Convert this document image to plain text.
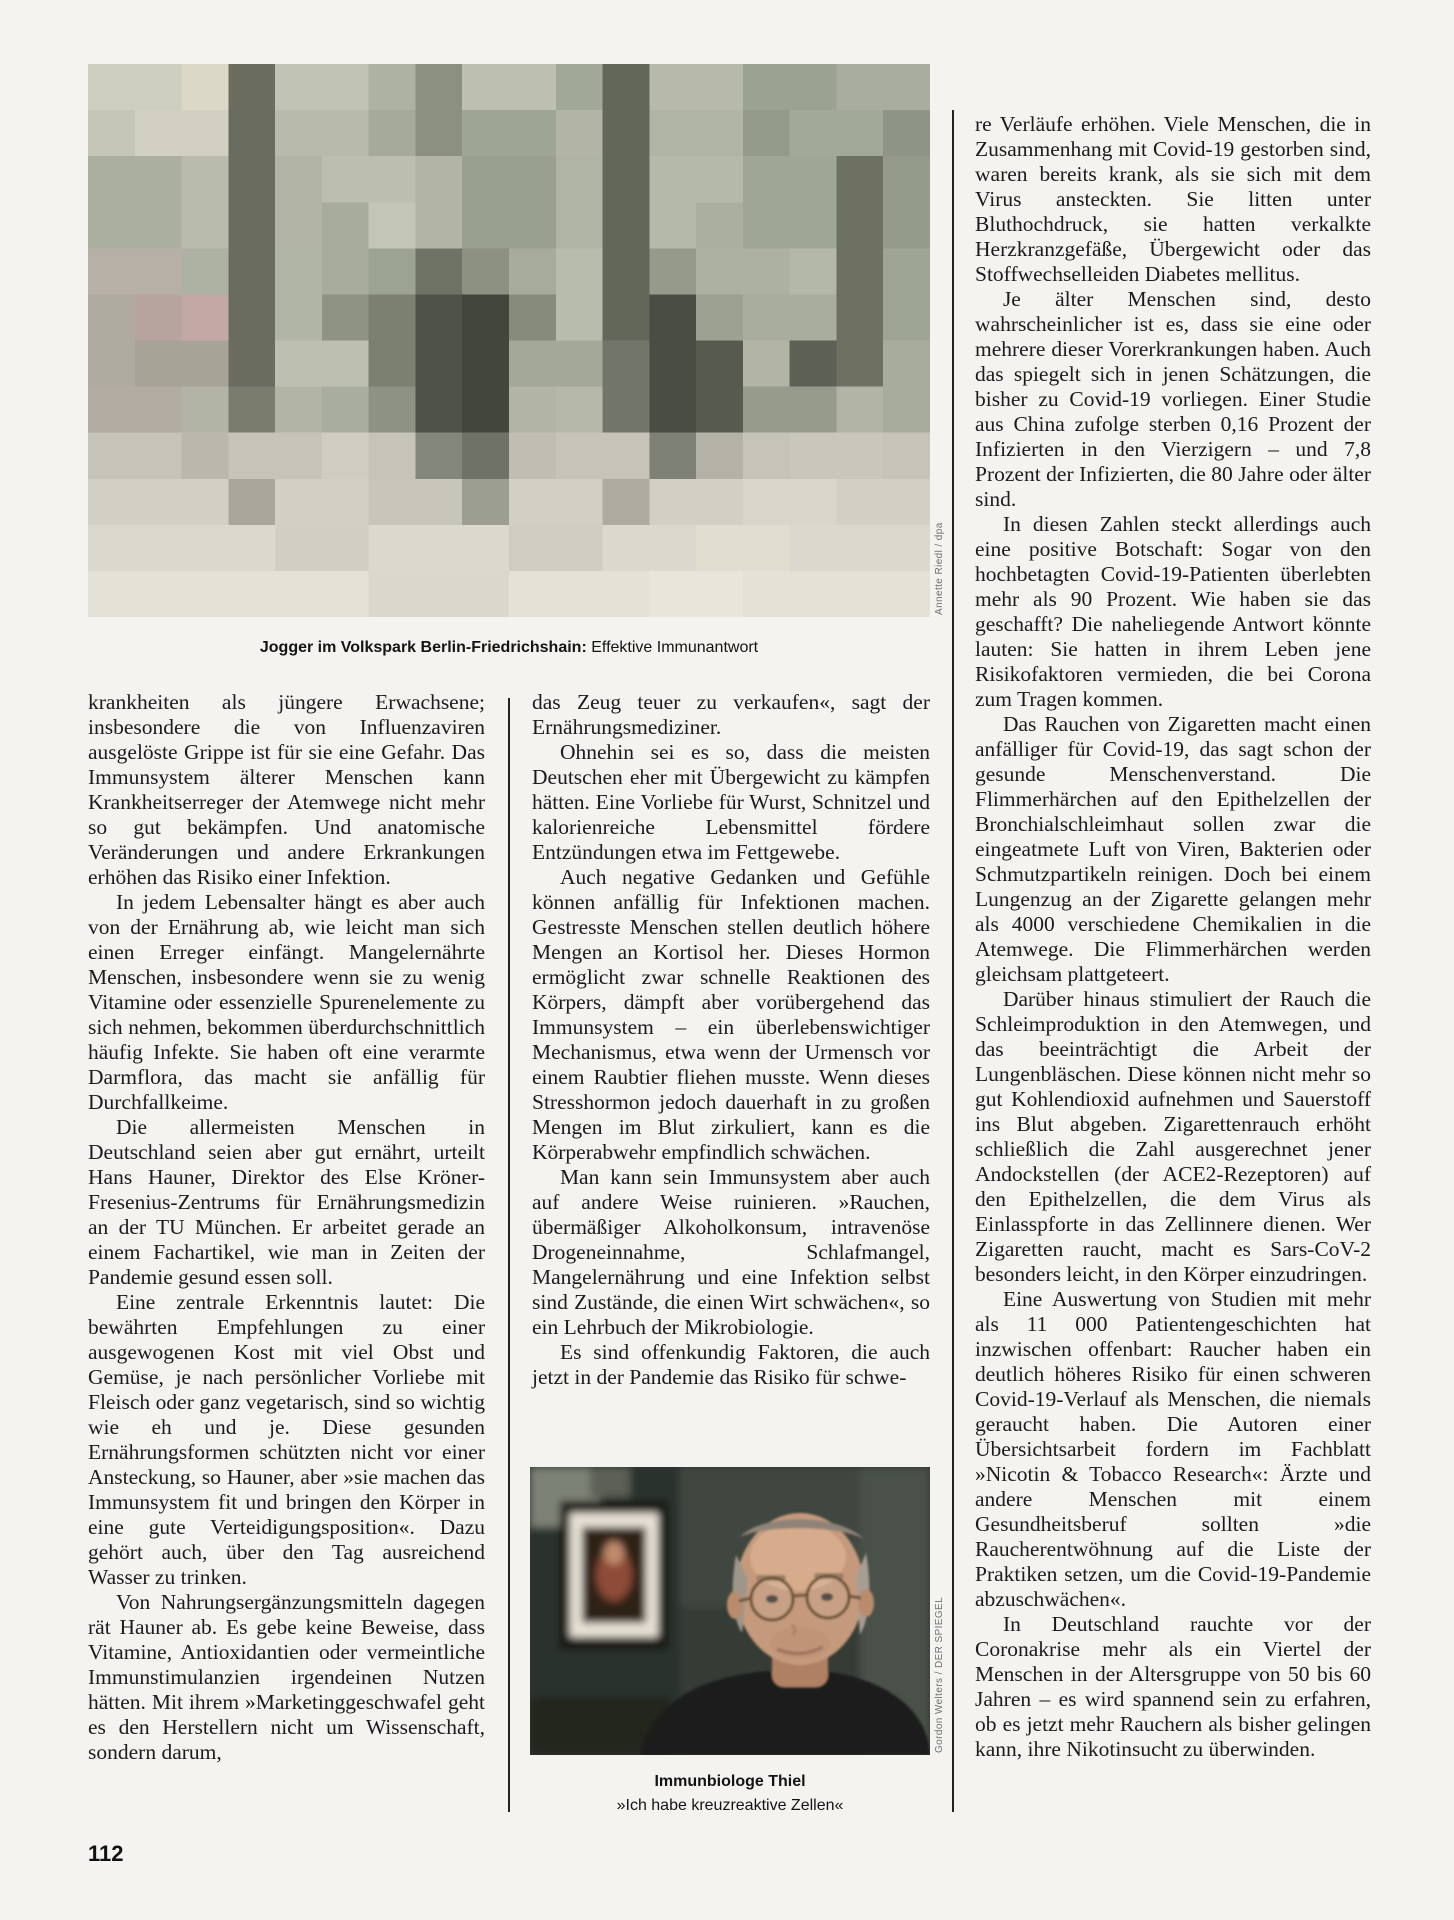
Annette Riedl / dpa
Jogger im Volkspark Berlin-Friedrichshain: Effektive Immunantwort

krankheiten als jüngere Erwachsene; insbesondere die von Influenzaviren ausgelöste Grippe ist für sie eine Gefahr. Das Immunsystem älterer Menschen kann Krankheitserreger der Atemwege nicht mehr so gut bekämpfen. Und anatomische Veränderungen und andere Erkrankungen erhöhen das Risiko einer Infektion.

In jedem Lebensalter hängt es aber auch von der Ernährung ab, wie leicht man sich einen Erreger einfängt. Mangelernährte Menschen, insbesondere wenn sie zu wenig Vitamine oder essenzielle Spurenelemente zu sich nehmen, bekommen überdurchschnittlich häufig Infekte. Sie haben oft eine verarmte Darmflora, das macht sie anfällig für Durchfallkeime.

Die allermeisten Menschen in Deutschland seien aber gut ernährt, urteilt Hans Hauner, Direktor des Else Kröner-Fresenius-Zentrums für Ernährungsmedizin an der TU München. Er arbeitet gerade an einem Fachartikel, wie man in Zeiten der Pandemie gesund essen soll.

Eine zentrale Erkenntnis lautet: Die bewährten Empfehlungen zu einer ausgewogenen Kost mit viel Obst und Gemüse, je nach persönlicher Vorliebe mit Fleisch oder ganz vegetarisch, sind so wichtig wie eh und je. Diese gesunden Ernährungsformen schützten nicht vor einer Ansteckung, so Hauner, aber »sie machen das Immunsystem fit und bringen den Körper in eine gute Verteidigungsposition«. Dazu gehört auch, über den Tag ausreichend Wasser zu trinken.

Von Nahrungsergänzungsmitteln dagegen rät Hauner ab. Es gebe keine Beweise, dass Vitamine, Antioxidantien oder vermeintliche Immunstimulanzien irgendeinen Nutzen hätten. Mit ihrem »Marketinggeschwafel geht es den Herstellern nicht um Wissenschaft, sondern darum,

das Zeug teuer zu verkaufen«, sagt der Ernährungsmediziner.

Ohnehin sei es so, dass die meisten Deutschen eher mit Übergewicht zu kämpfen hätten. Eine Vorliebe für Wurst, Schnitzel und kalorienreiche Lebensmittel fördere Entzündungen etwa im Fettgewebe.

Auch negative Gedanken und Gefühle können anfällig für Infektionen machen. Gestresste Menschen stellen deutlich höhere Mengen an Kortisol her. Dieses Hormon ermöglicht zwar schnelle Reaktionen des Körpers, dämpft aber vorübergehend das Immunsystem – ein überlebenswichtiger Mechanismus, etwa wenn der Urmensch vor einem Raubtier fliehen musste. Wenn dieses Stresshormon jedoch dauerhaft in zu großen Mengen im Blut zirkuliert, kann es die Körperabwehr empfindlich schwächen.

Man kann sein Immunsystem aber auch auf andere Weise ruinieren. »Rauchen, übermäßiger Alkoholkonsum, intravenöse Drogeneinnahme, Schlafmangel, Mangelernährung und eine Infektion selbst sind Zustände, die einen Wirt schwächen«, so ein Lehrbuch der Mikrobiologie.

Es sind offenkundig Faktoren, die auch jetzt in der Pandemie das Risiko für schwe-

re Verläufe erhöhen. Viele Menschen, die in Zusammenhang mit Covid-19 gestorben sind, waren bereits krank, als sie sich mit dem Virus ansteckten. Sie litten unter Bluthochdruck, sie hatten verkalkte Herzkranzgefäße, Übergewicht oder das Stoffwechselleiden Diabetes mellitus.

Je älter Menschen sind, desto wahrscheinlicher ist es, dass sie eine oder mehrere dieser Vorerkrankungen haben. Auch das spiegelt sich in jenen Schätzungen, die bisher zu Covid-19 vorliegen. Einer Studie aus China zufolge sterben 0,16 Prozent der Infizierten in den Vierzigern – und 7,8 Prozent der Infizierten, die 80 Jahre oder älter sind.

In diesen Zahlen steckt allerdings auch eine positive Botschaft: Sogar von den hochbetagten Covid-19-Patienten überlebten mehr als 90 Prozent. Wie haben sie das geschafft? Die naheliegende Antwort könnte lauten: Sie hatten in ihrem Leben jene Risikofaktoren vermieden, die bei Corona zum Tragen kommen.

Das Rauchen von Zigaretten macht einen anfälliger für Covid-19, das sagt schon der gesunde Menschenverstand. Die Flimmerhärchen auf den Epithelzellen der Bronchialschleimhaut sollen zwar die eingeatmete Luft von Viren, Bakterien oder Schmutzpartikeln reinigen. Doch bei einem Lungenzug an der Zigarette gelangen mehr als 4000 verschiedene Chemikalien in die Atemwege. Die Flimmerhärchen werden gleichsam plattgeteert.

Darüber hinaus stimuliert der Rauch die Schleimproduktion in den Atemwegen, und das beeinträchtigt die Arbeit der Lungenbläschen. Diese können nicht mehr so gut Kohlendioxid aufnehmen und Sauerstoff ins Blut abgeben. Zigarettenrauch erhöht schließlich die Zahl ausgerechnet jener Andockstellen (der ACE2-Rezeptoren) auf den Epithelzellen, die dem Virus als Einlasspforte in das Zellinnere dienen. Wer Zigaretten raucht, macht es Sars-CoV-2 besonders leicht, in den Körper einzudringen.

Eine Auswertung von Studien mit mehr als 11 000 Patientengeschichten hat inzwischen offenbart: Raucher haben ein deutlich höheres Risiko für einen schweren Covid-19-Verlauf als Menschen, die niemals geraucht haben. Die Autoren einer Übersichtsarbeit fordern im Fachblatt »Nicotin & Tobacco Research«: Ärzte und andere Menschen mit einem Gesundheitsberuf sollten »die Raucherentwöhnung auf die Liste der Praktiken setzen, um die Covid-19-Pandemie abzuschwächen«.

In Deutschland rauchte vor der Coronakrise mehr als ein Viertel der Menschen in der Altersgruppe von 50 bis 60 Jahren – es wird spannend sein zu erfahren, ob es jetzt mehr Rauchern als bisher gelingen kann, ihre Nikotinsucht zu überwinden.

Gordon Welters / DER SPIEGEL
Immunbiologe Thiel
»Ich habe kreuzreaktive Zellen«
112
